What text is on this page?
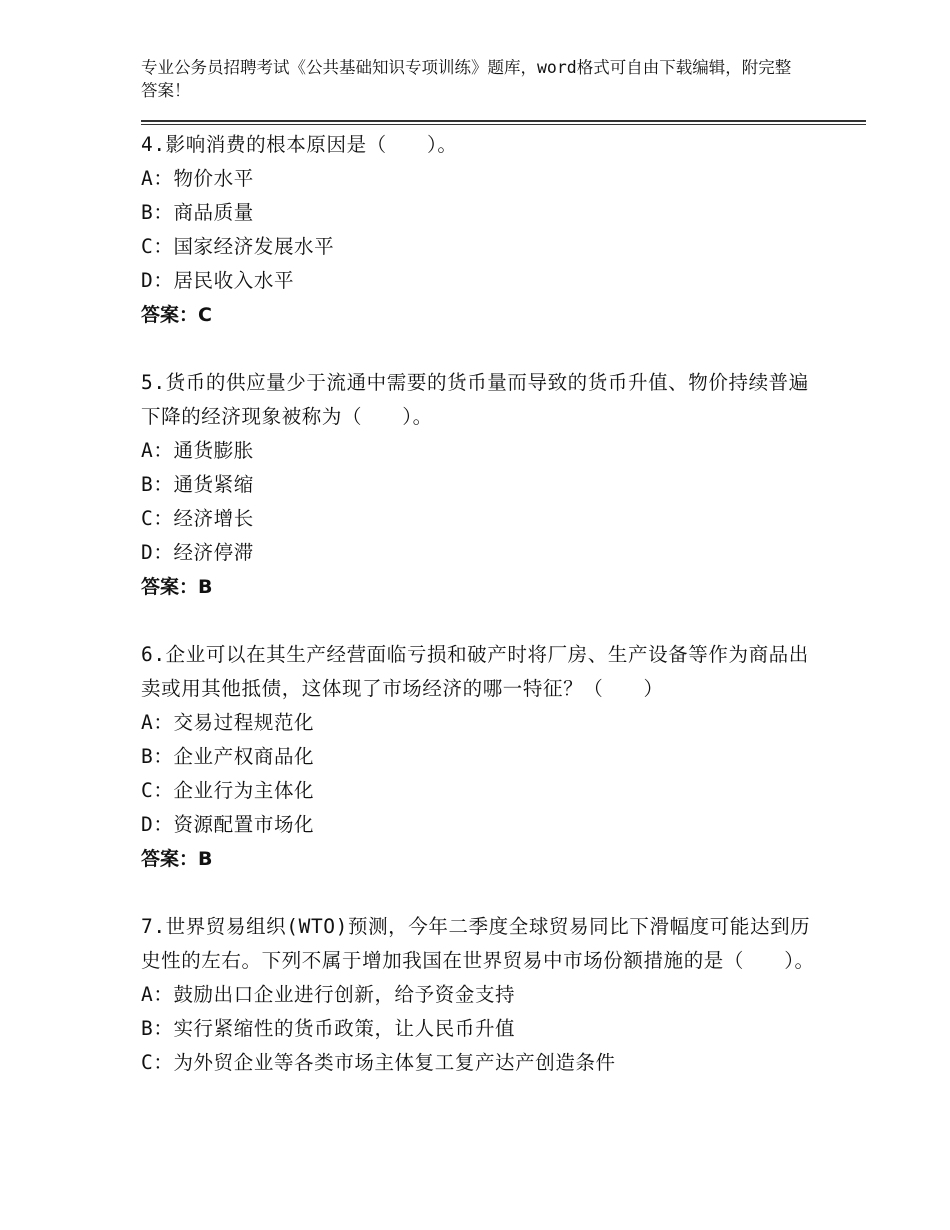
专业公务员招聘考试《公共基础知识专项训练》题库，word格式可自由下载编辑，附完整答案！
4.影响消费的根本原因是（　　）。
A：物价水平
B：商品质量
C：国家经济发展水平
D：居民收入水平
答案：C
5.货币的供应量少于流通中需要的货币量而导致的货币升值、物价持续普遍下降的经济现象被称为（　　）。
A：通货膨胀
B：通货紧缩
C：经济增长
D：经济停滞
答案：B
6.企业可以在其生产经营面临亏损和破产时将厂房、生产设备等作为商品出卖或用其他抵债，这体现了市场经济的哪一特征？（　　）
A：交易过程规范化
B：企业产权商品化
C：企业行为主体化
D：资源配置市场化
答案：B
7.世界贸易组织(WTO)预测，今年二季度全球贸易同比下滑幅度可能达到历史性的左右。下列不属于增加我国在世界贸易中市场份额措施的是（　　）。
A：鼓励出口企业进行创新，给予资金支持
B：实行紧缩性的货币政策，让人民币升值
C：为外贸企业等各类市场主体复工复产达产创造条件
